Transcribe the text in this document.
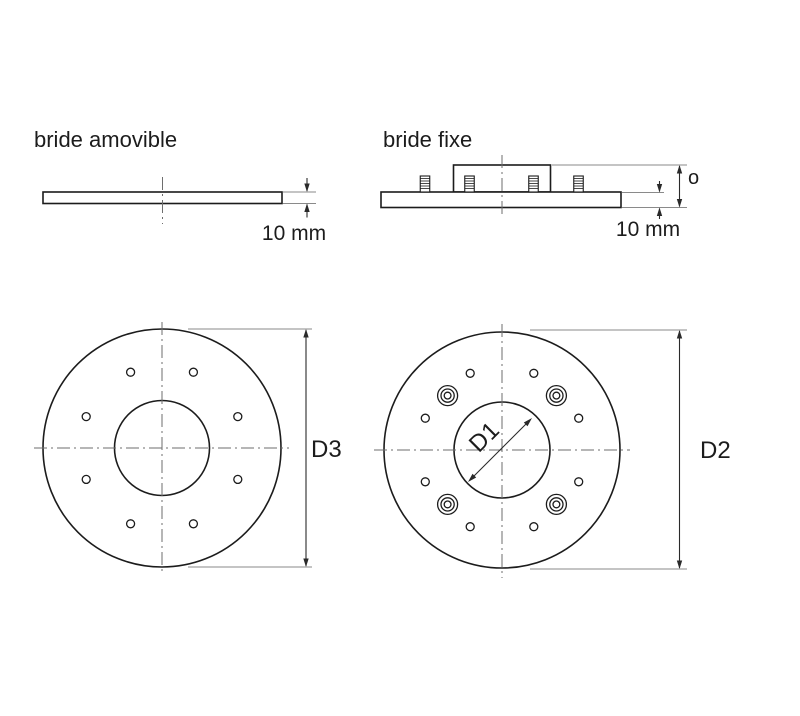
bride amovible
10 mm
bride fixe
o
10 mm
D3	D1	D2
